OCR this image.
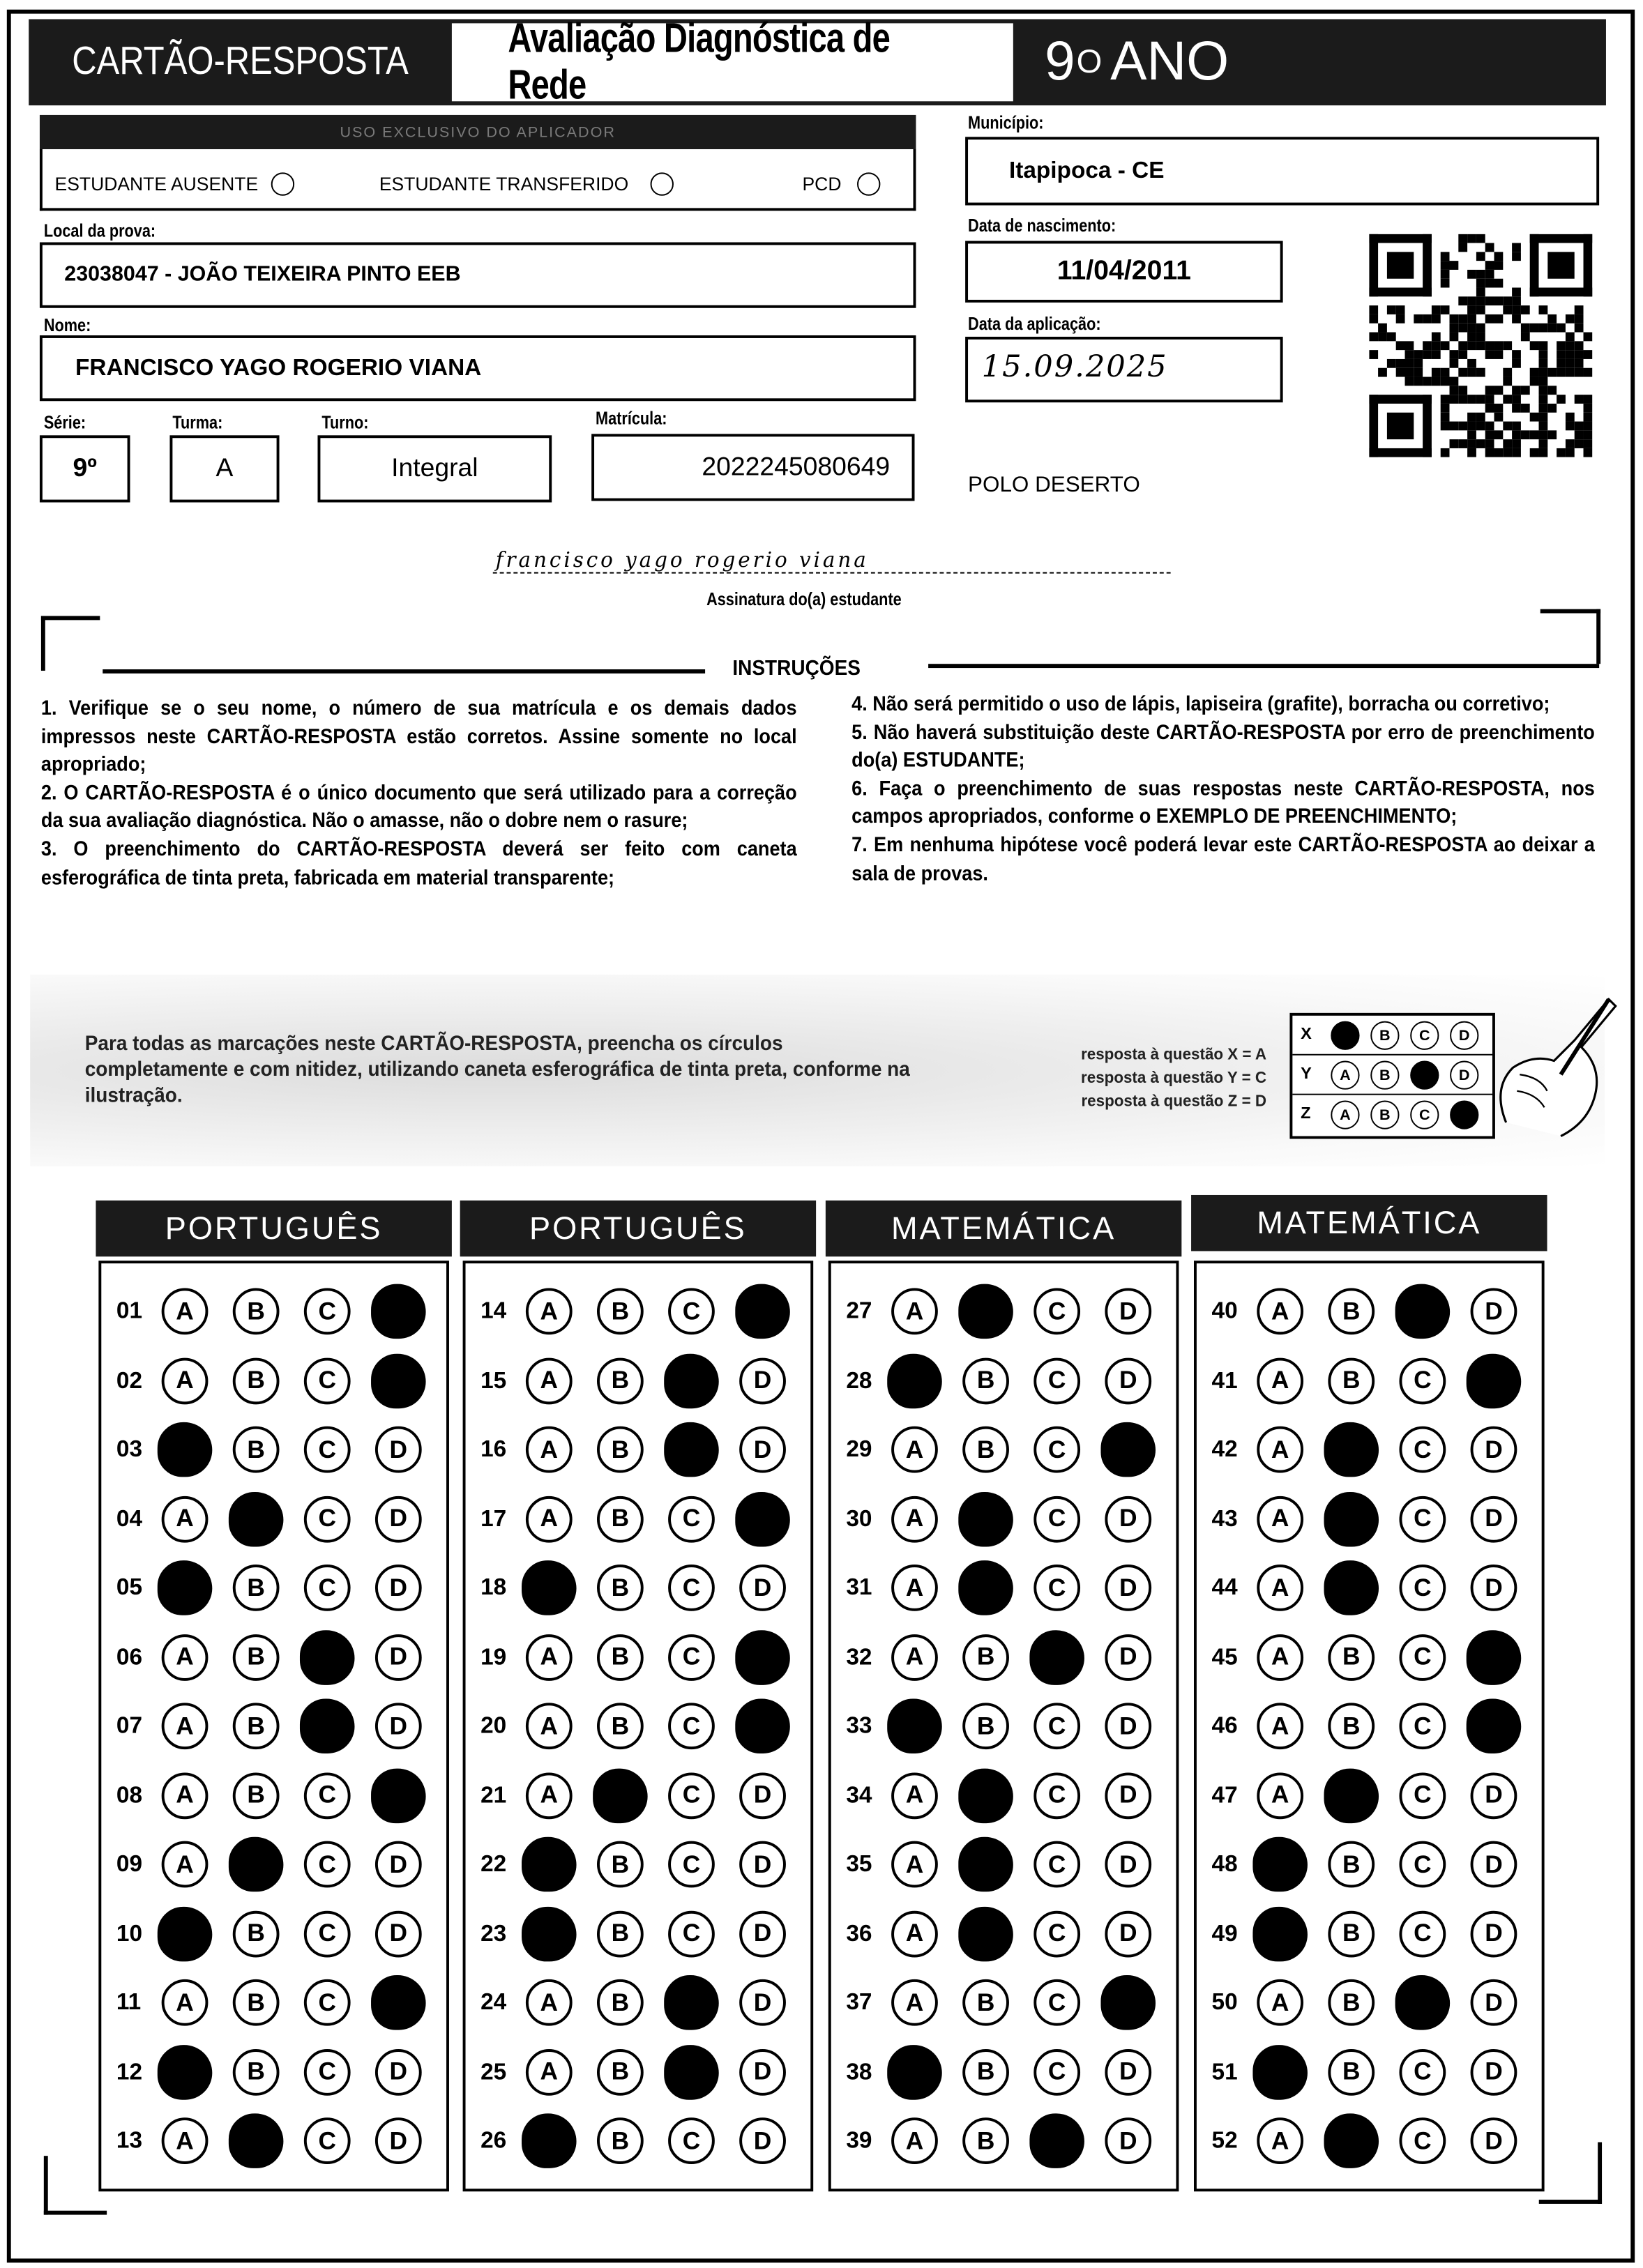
CARTÃO-RESPOSTA
Avaliação Diagnóstica de Rede	9 O ANO
USO EXCLUSIVO DO APLICADOR
ESTUDANTE AUSENTE	ESTUDANTE TRANSFERIDO	PCD
Município:
Itapipoca - CE
Local da prova:
23038047 - JOÃO TEIXEIRA PINTO EEB
Data de nascimento:
11/04/2011
Data da aplicação:
15.09.2025
Nome:
FRANCISCO YAGO ROGERIO VIANA
Série:
9º
Turma:
A
Turno:
Integral
Matrícula:
2022245080649
POLO DESERTO
francisco yago rogerio viana
Assinatura do(a) estudante
INSTRUÇÕES

1. Verifique se o seu nome, o número de sua matrícula e os demais dados impressos neste CARTÃO-RESPOSTA estão corretos. Assine somente no local apropriado;

2. O CARTÃO-RESPOSTA é o único documento que será utilizado para a correção da sua avaliação diagnóstica. Não o amasse, não o dobre nem o rasure;

3. O preenchimento do CARTÃO-RESPOSTA deverá ser feito com caneta esferográfica de tinta preta, fabricada em material transparente;

4. Não será permitido o uso de lápis, lapiseira (grafite), borracha ou corretivo;

5. Não haverá substituição deste CARTÃO-RESPOSTA por erro de preenchimento do(a) ESTUDANTE;

6. Faça o preenchimento de suas respostas neste CARTÃO-RESPOSTA, nos campos apropriados, conforme o EXEMPLO DE PREENCHIMENTO;

7. Em nenhuma hipótese você poderá levar este CARTÃO-RESPOSTA ao deixar a sala de provas.

Para todas as marcações neste CARTÃO-RESPOSTA, preencha os círculos completamente e com nitidez, utilizando caneta esferográfica de tinta preta, conforme na ilustração.
resposta à questão X = A
resposta à questão Y = C
resposta à questão Z = D
X	A	B	C	D
Y	A	B	C	D
Z	A	B	C	D
PORTUGUÊS
01	A	B	C	D
02	A	B	C	D
03	A	B	C	D
04	A	B	C	D
05	A	B	C	D
06	A	B	C	D
07	A	B	C	D
08	A	B	C	D
09	A	B	C	D
10	A	B	C	D
11	A	B	C	D
12	A	B	C	D
13	A	B	C	D
PORTUGUÊS
14	A	B	C	D
15	A	B	C	D
16	A	B	C	D
17	A	B	C	D
18	A	B	C	D
19	A	B	C	D
20	A	B	C	D
21	A	B	C	D
22	A	B	C	D
23	A	B	C	D
24	A	B	C	D
25	A	B	C	D
26	A	B	C	D
MATEMÁTICA
27	A	B	C	D
28	A	B	C	D
29	A	B	C	D
30	A	B	C	D
31	A	B	C	D
32	A	B	C	D
33	A	B	C	D
34	A	B	C	D
35	A	B	C	D
36	A	B	C	D
37	A	B	C	D
38	A	B	C	D
39	A	B	C	D
MATEMÁTICA
40	A	B	C	D
41	A	B	C	D
42	A	B	C	D
43	A	B	C	D
44	A	B	C	D
45	A	B	C	D
46	A	B	C	D
47	A	B	C	D
48	A	B	C	D
49	A	B	C	D
50	A	B	C	D
51	A	B	C	D
52	A	B	C	D
